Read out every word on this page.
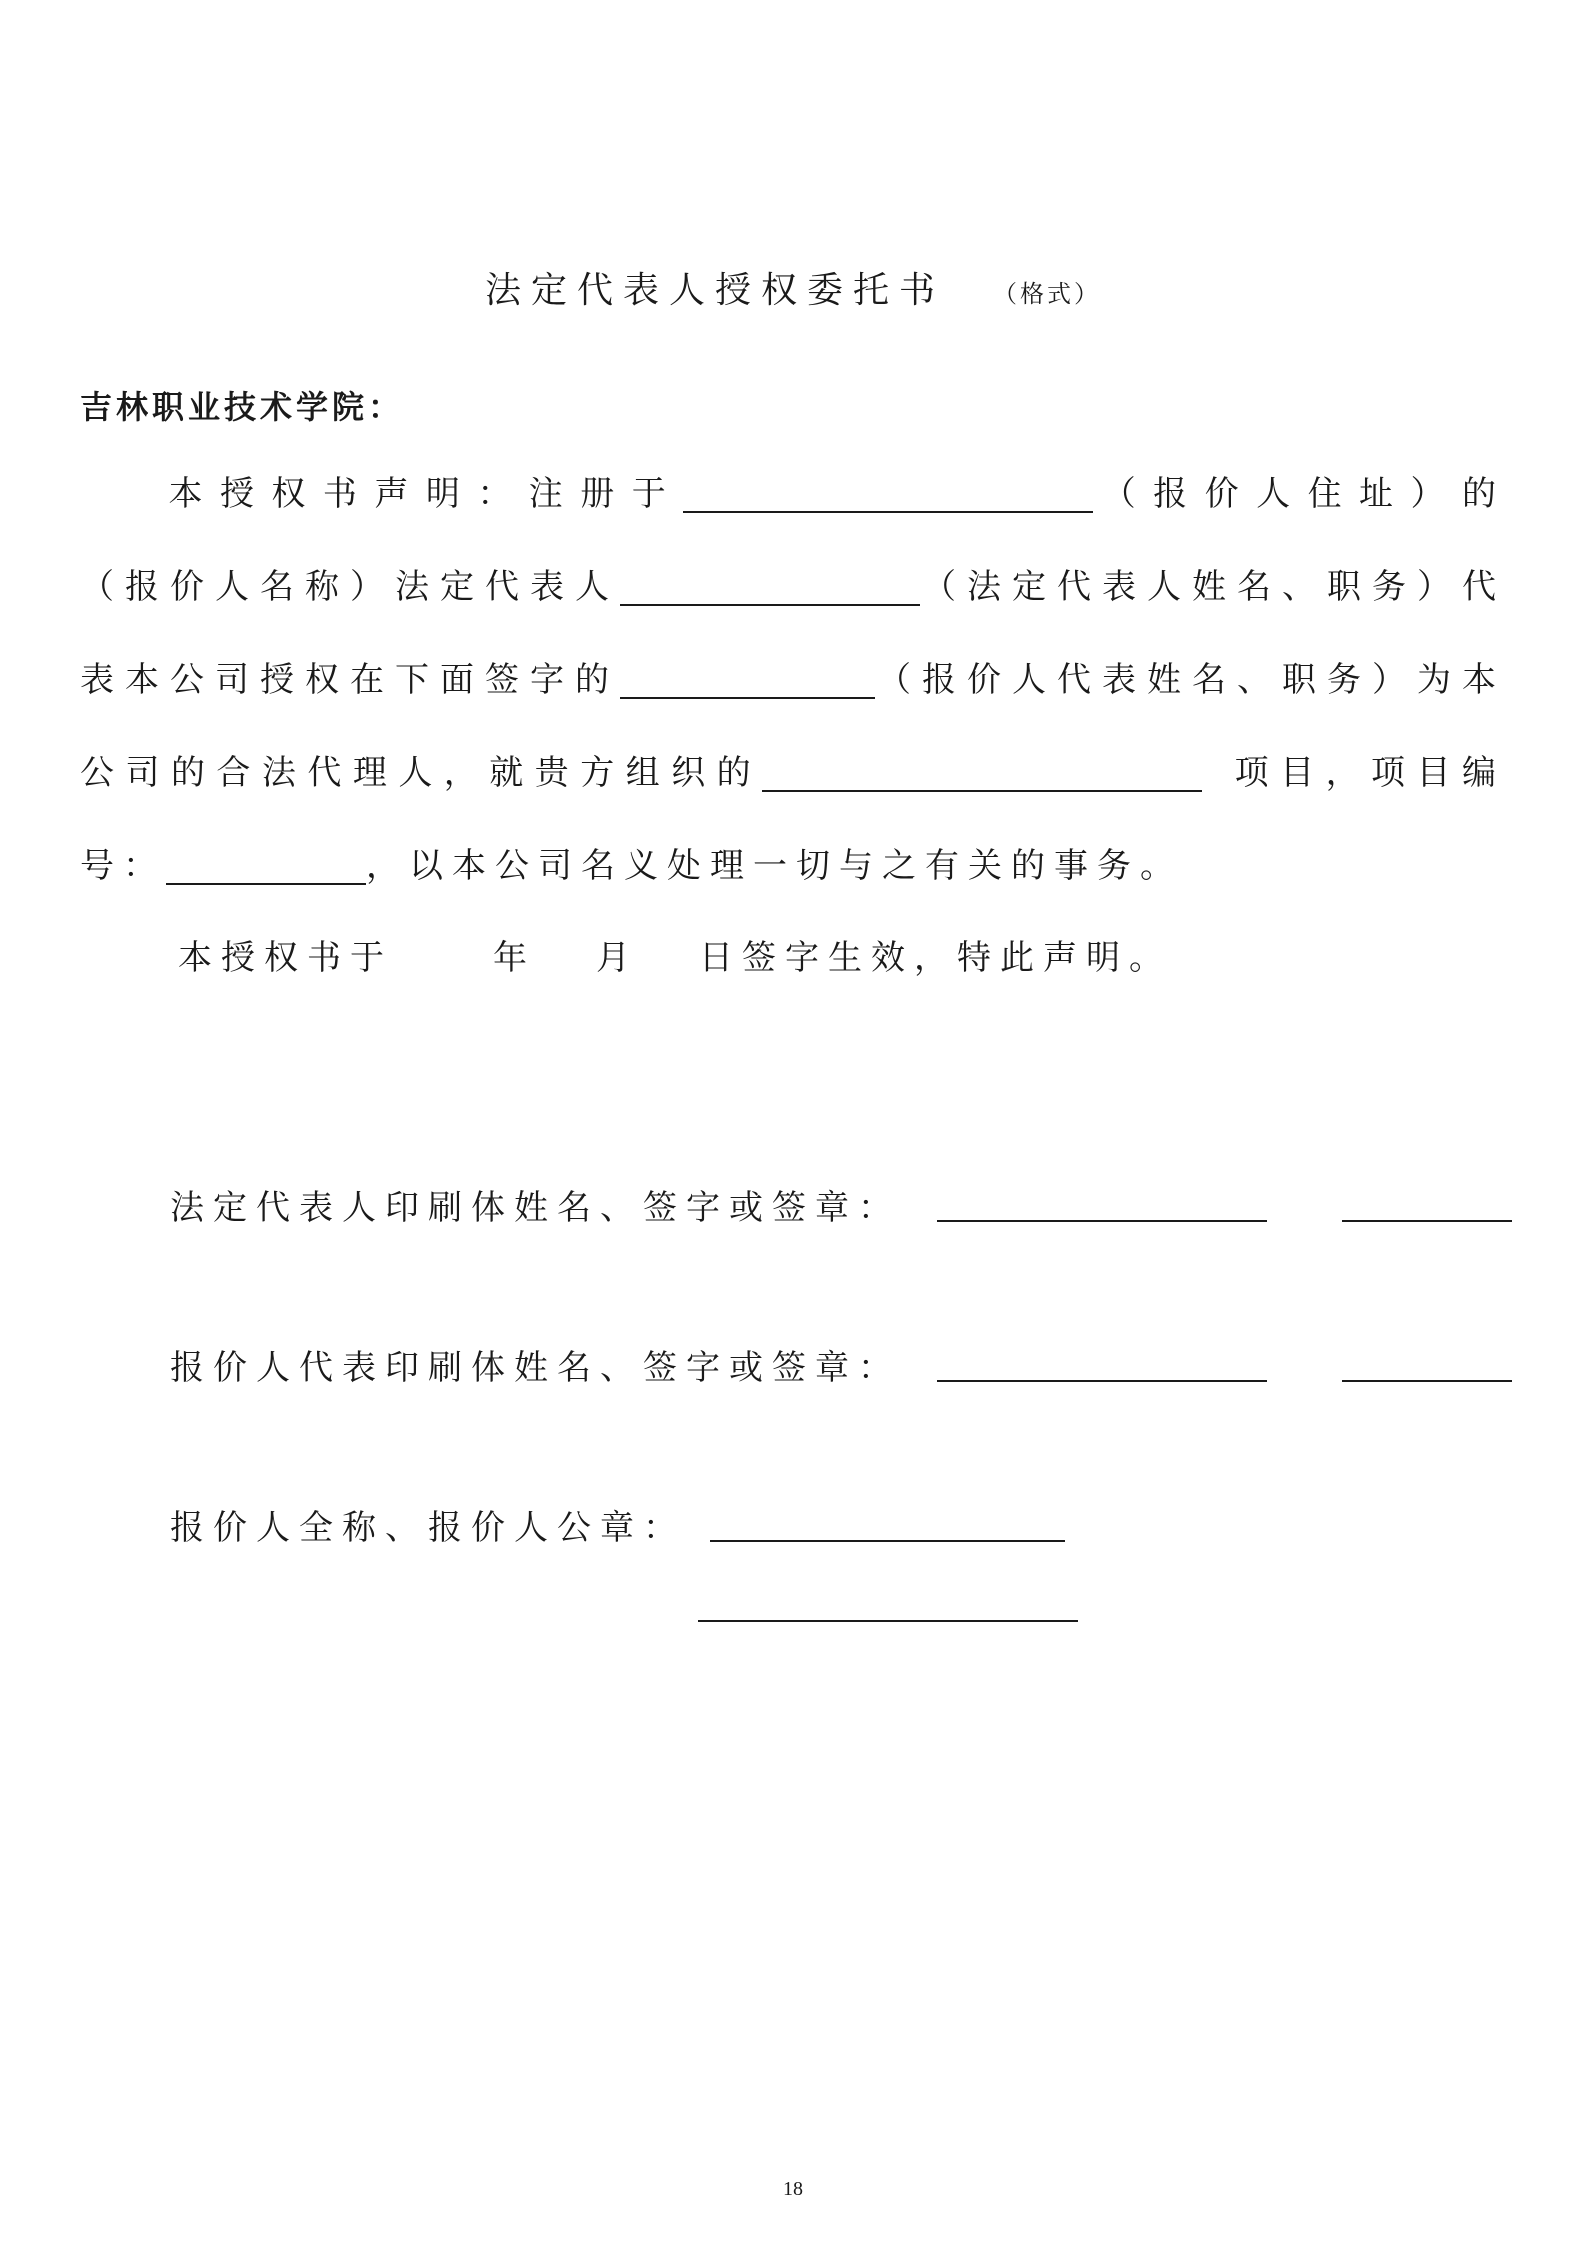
法定代表人授权委托书 （格式）
吉林职业技术学院：
本授权书声明：注册于	（报价人住址）的
（报价人名称）法定代表人	（法定代表人姓名、职务）代
表本公司授权在下面签字的	（报价人代表姓名、职务）为本
公司的合法代理人，就贵方组织的	项目，项目编
号：	，以本公司名义处理一切与之有关的事务。
本授权书于	年 月 日签字生效，特此声明。
法定代表人印刷体姓名、签字或签章：
报价人代表印刷体姓名、签字或签章：
报价人全称、报价人公章：
18
